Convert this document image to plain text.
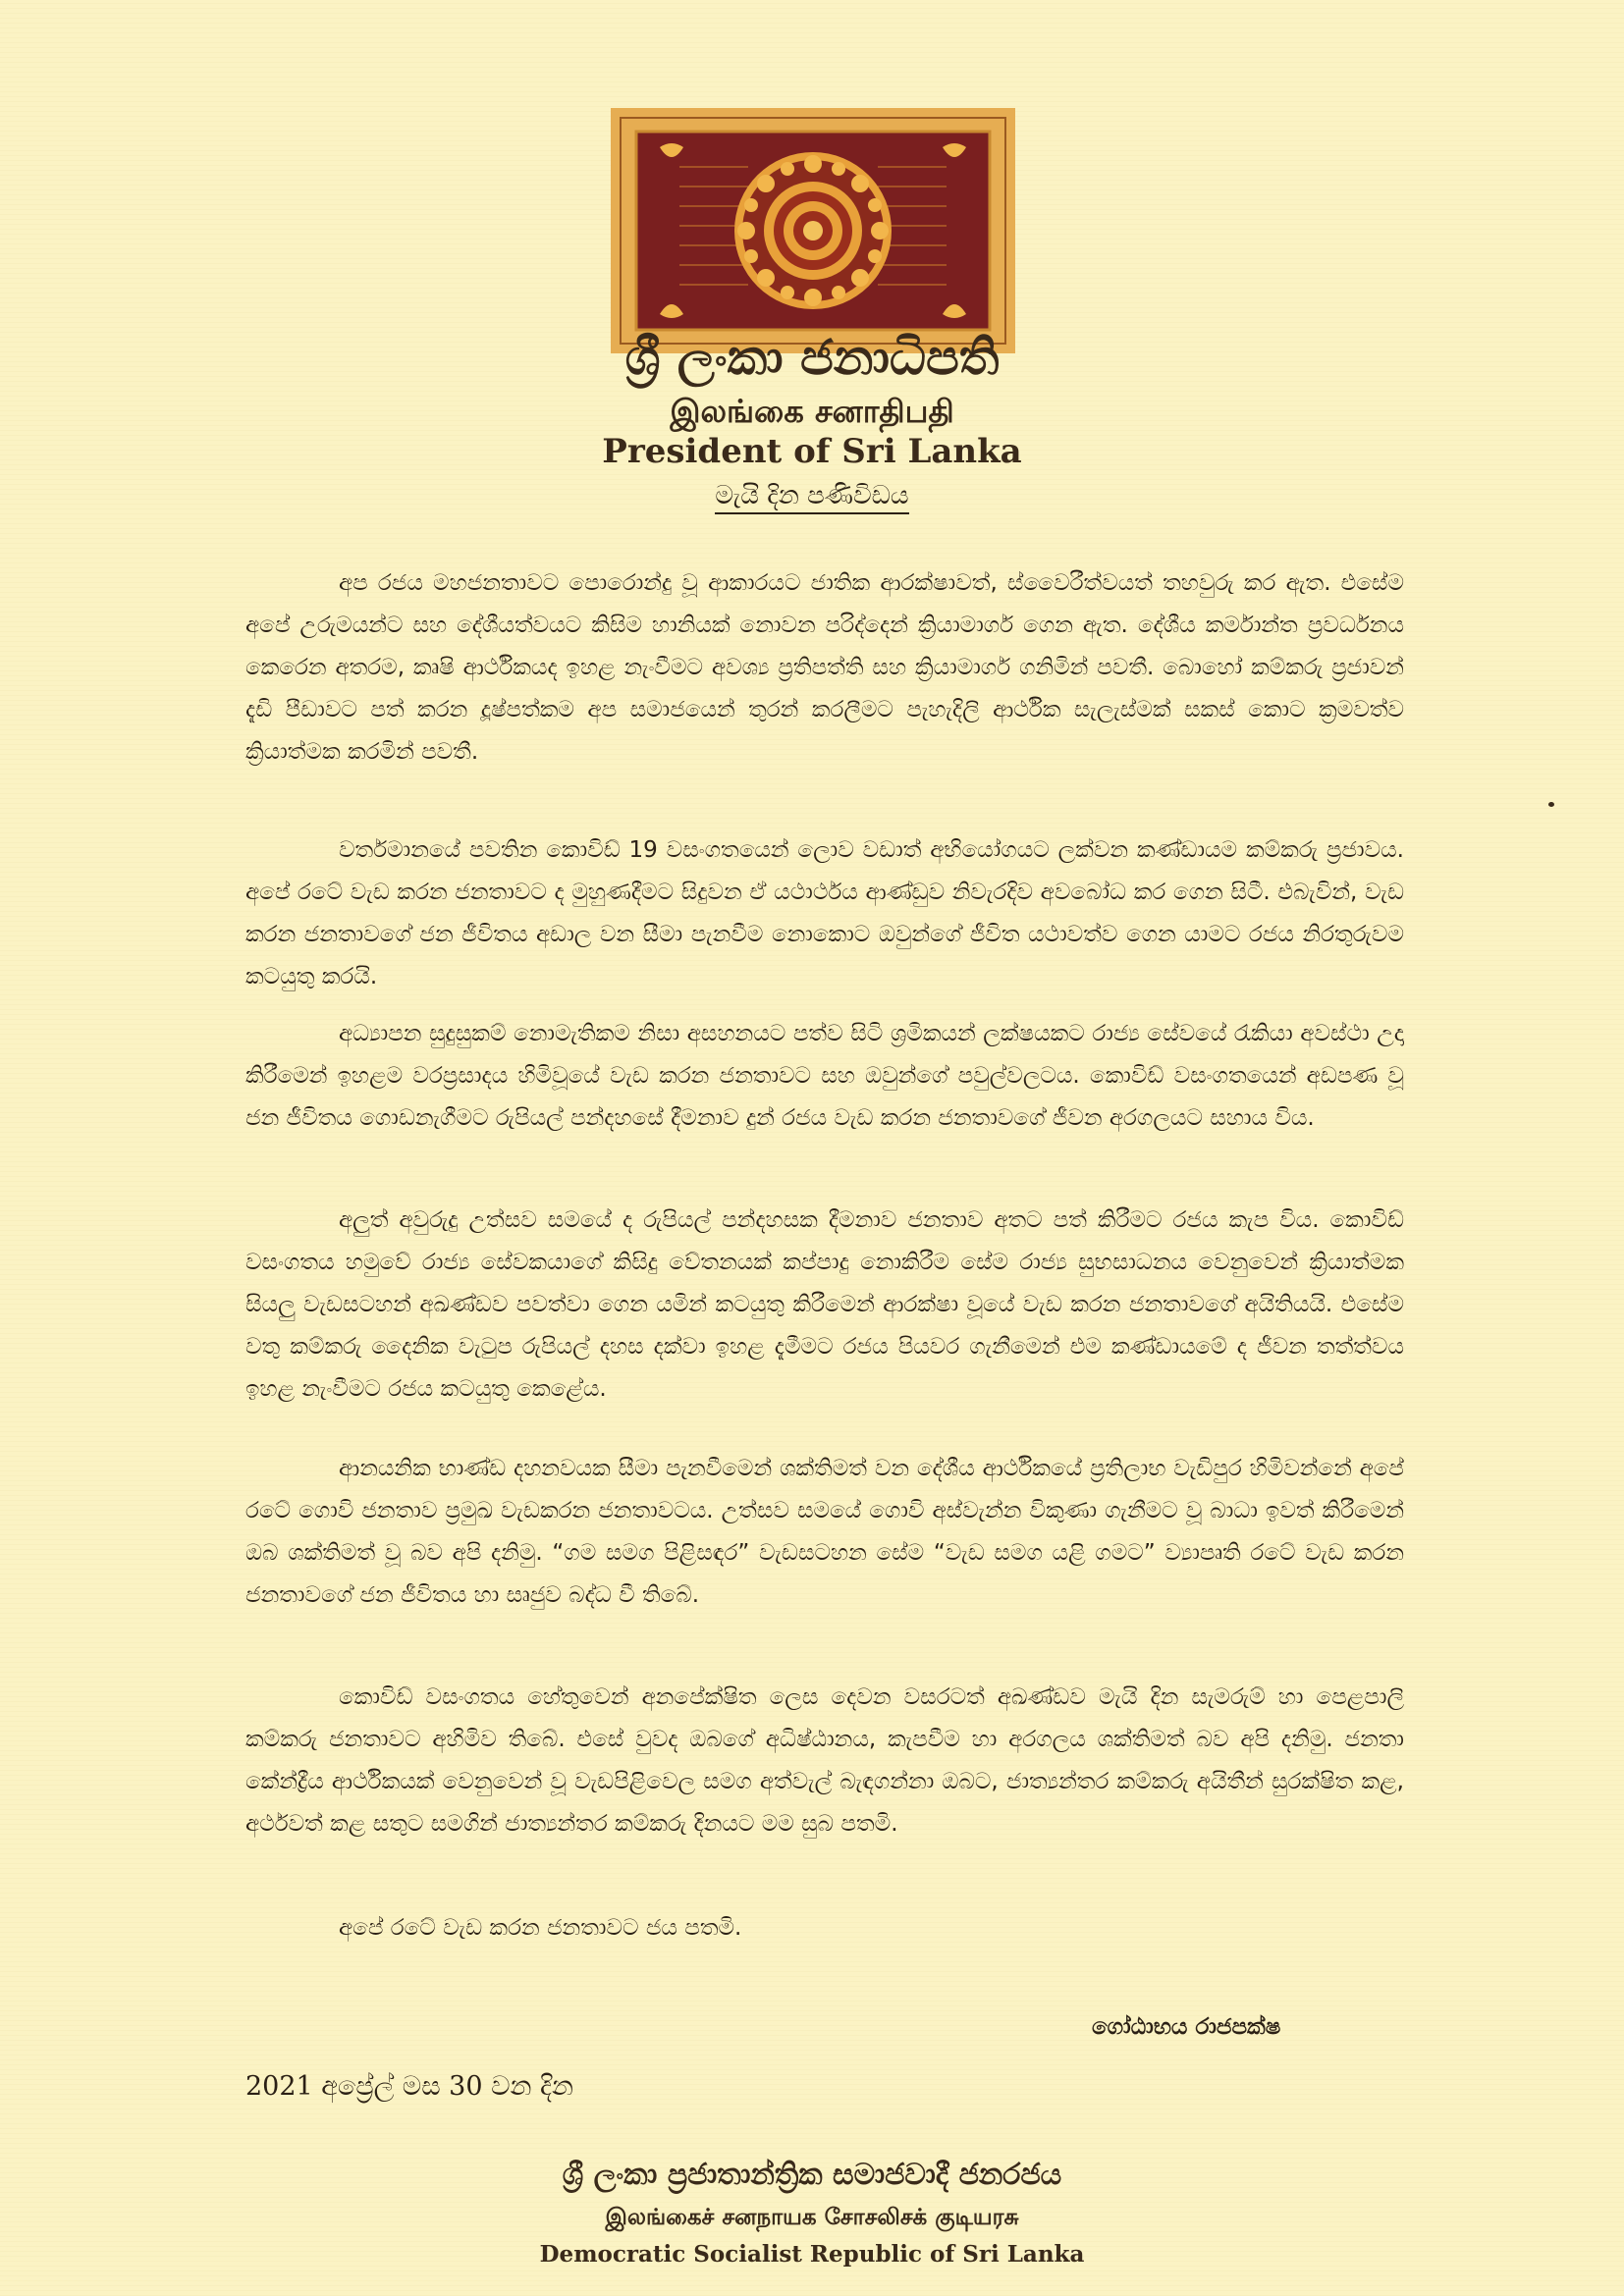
ශ්‍රී ලංකා ජනාධිපති
இலங்கை சனாதிபதி
President of Sri Lanka
මැයි දින පණිවිඩය

අප රජය මහජනතාවට පොරොන්දු වූ ආකාරයට ජාතික ආරක්ෂාවත්, ස්වෛරීත්වයත් තහවුරු කර ඇත. එසේම අපේ උරුමයන්ට සහ දේශීයත්වයට කිසිම හානියක් නොවන පරිද්දෙන් ක්‍රියාමාර්ග ගෙන ඇත. දේශීය කර්මාන්ත ප්‍රවර්ධනය කෙරෙන අතරම, කෘෂි ආර්ථිකයද ඉහළ නැංවීමට අවශ්‍ය ප්‍රතිපත්ති සහ ක්‍රියාමාර්ග ගනිමින් පවතී. බොහෝ කම්කරු ප්‍රජාවන් දැඩි පීඩාවට පත් කරන දූෂ්පත්කම අප සමාජයෙන් තුරන් කරලීමට පැහැදිලි ආර්ථික සැලැස්මක් සකස් කොට ක්‍රමවත්ව ක්‍රියාත්මක කරමින් පවතී.

වර්තමානයේ පවතින කොවිඩ් 19 වසංගතයෙන් ලොව වඩාත් අභියෝගයට ලක්වන කණ්ඩායම කම්කරු ප්‍රජාවය. අපේ රටේ වැඩ කරන ජනතාවට ද මුහුණදීමට සිදුවන ඒ යථාර්ථය ආණ්ඩුව නිවැරදිව අවබෝධ කර ගෙන සිටී. එබැවින්, වැඩ කරන ජනතාවගේ ජන ජීවිතය අඩාල වන සීමා පැනවීම නොකොට ඔවුන්ගේ ජීවිත යථාවත්ව ගෙන යාමට රජය නිරතුරුවම කටයුතු කරයි.

අධ්‍යාපන සුදුසුකම් නොමැතිකම නිසා අසහනයට පත්ව සිටි ශ්‍රමිකයන් ලක්ෂයකට රාජ්‍ය සේවයේ රැකියා අවස්ථා උදා කිරීමෙන් ඉහළම වරප්‍රසාදය හිමිවූයේ වැඩ කරන ජනතාවට සහ ඔවුන්ගේ පවුල්වලටය. කොවිඩ් වසංගතයෙන් අඩපණ වූ ජන ජීවිතය ගොඩනැගීමට රුපියල් පන්දහසේ දීමනාව දුන් රජය වැඩ කරන ජනතාවගේ ජීවන අරගලයට සහාය විය.

අලුත් අවුරුදු උත්සව සමයේ ද රුපියල් පන්දහසක දීමනාව ජනතාව අතට පත් කිරීමට රජය කැප විය. කොවිඩ් වසංගතය හමුවේ රාජ්‍ය සේවකයාගේ කිසිදු වේතනයක් කප්පාදු නොකිරීම සේම රාජ්‍ය සුභසාධනය වෙනුවෙන් ක්‍රියාත්මක සියලු වැඩසටහන් අඛණ්ඩව පවත්වා ගෙන යමින් කටයුතු කිරීමෙන් ආරක්ෂා වූයේ වැඩ කරන ජනතාවගේ අයිතියයි. එසේම වතු කම්කරු දෛනික වැටුප රුපියල් දහස දක්වා ඉහළ දැමීමට රජය පියවර ගැනීමෙන් එම කණ්ඩායමේ ද ජීවන තත්ත්වය ඉහළ නැංවීමට රජය කටයුතු කෙළේය.

ආනයනික භාණ්ඩ දහනවයක සීමා පැනවීමෙන් ශක්තිමත් වන දේශීය ආර්ථිකයේ ප්‍රතිලාභ වැඩිපුර හිමිවන්නේ අපේ රටේ ගොවි ජනතාව ප්‍රමුඛ වැඩකරන ජනතාවටය. උත්සව සමයේ ගොවි අස්වැන්න විකුණා ගැනීමට වූ බාධා ඉවත් කිරීමෙන් ඔබ ශක්තිමත් වූ බව අපි දනිමු. “ගම සමග පිළිසඳර” වැඩසටහන සේම “වැඩ සමග යළි ගමට” ව්‍යාපෘති රටේ වැඩ කරන ජනතාවගේ ජන ජීවිතය හා සෘජුව බද්ධ වී තිබේ.

කොවිඩ් වසංගතය හේතුවෙන් අනපේක්ෂිත ලෙස දෙවන වසරටත් අඛණ්ඩව මැයි දින සැමරුම් හා පෙළපාලි කම්කරු ජනතාවට අහිමිව තිබේ. එසේ වුවද ඔබගේ අධිෂ්ඨානය, කැපවීම හා අරගලය ශක්තිමත් බව අපි දනිමු. ජනතා කේන්ද්‍රීය ආර්ථිකයක් වෙනුවෙන් වූ වැඩපිළිවෙල සමග අත්වැල් බැඳගන්නා ඔබට, ජාත්‍යන්තර කම්කරු අයිතීන් සුරක්ෂිත කළ, අර්ථවත් කළ සතුට සමගින් ජාත්‍යන්තර කම්කරු දිනයට මම සුබ පතමි.

අපේ රටේ වැඩ කරන ජනතාවට ජය පතමි.

ගෝඨාභය රාජපක්ෂ
2021 අප්‍රේල් මස 30 වන දින
ශ්‍රී ලංකා ප්‍රජාතාන්ත්‍රික සමාජවාදී ජනරජය
இலங்கைச் சனநாயக சோசலிசக் குடியரசு
Democratic Socialist Republic of Sri Lanka
